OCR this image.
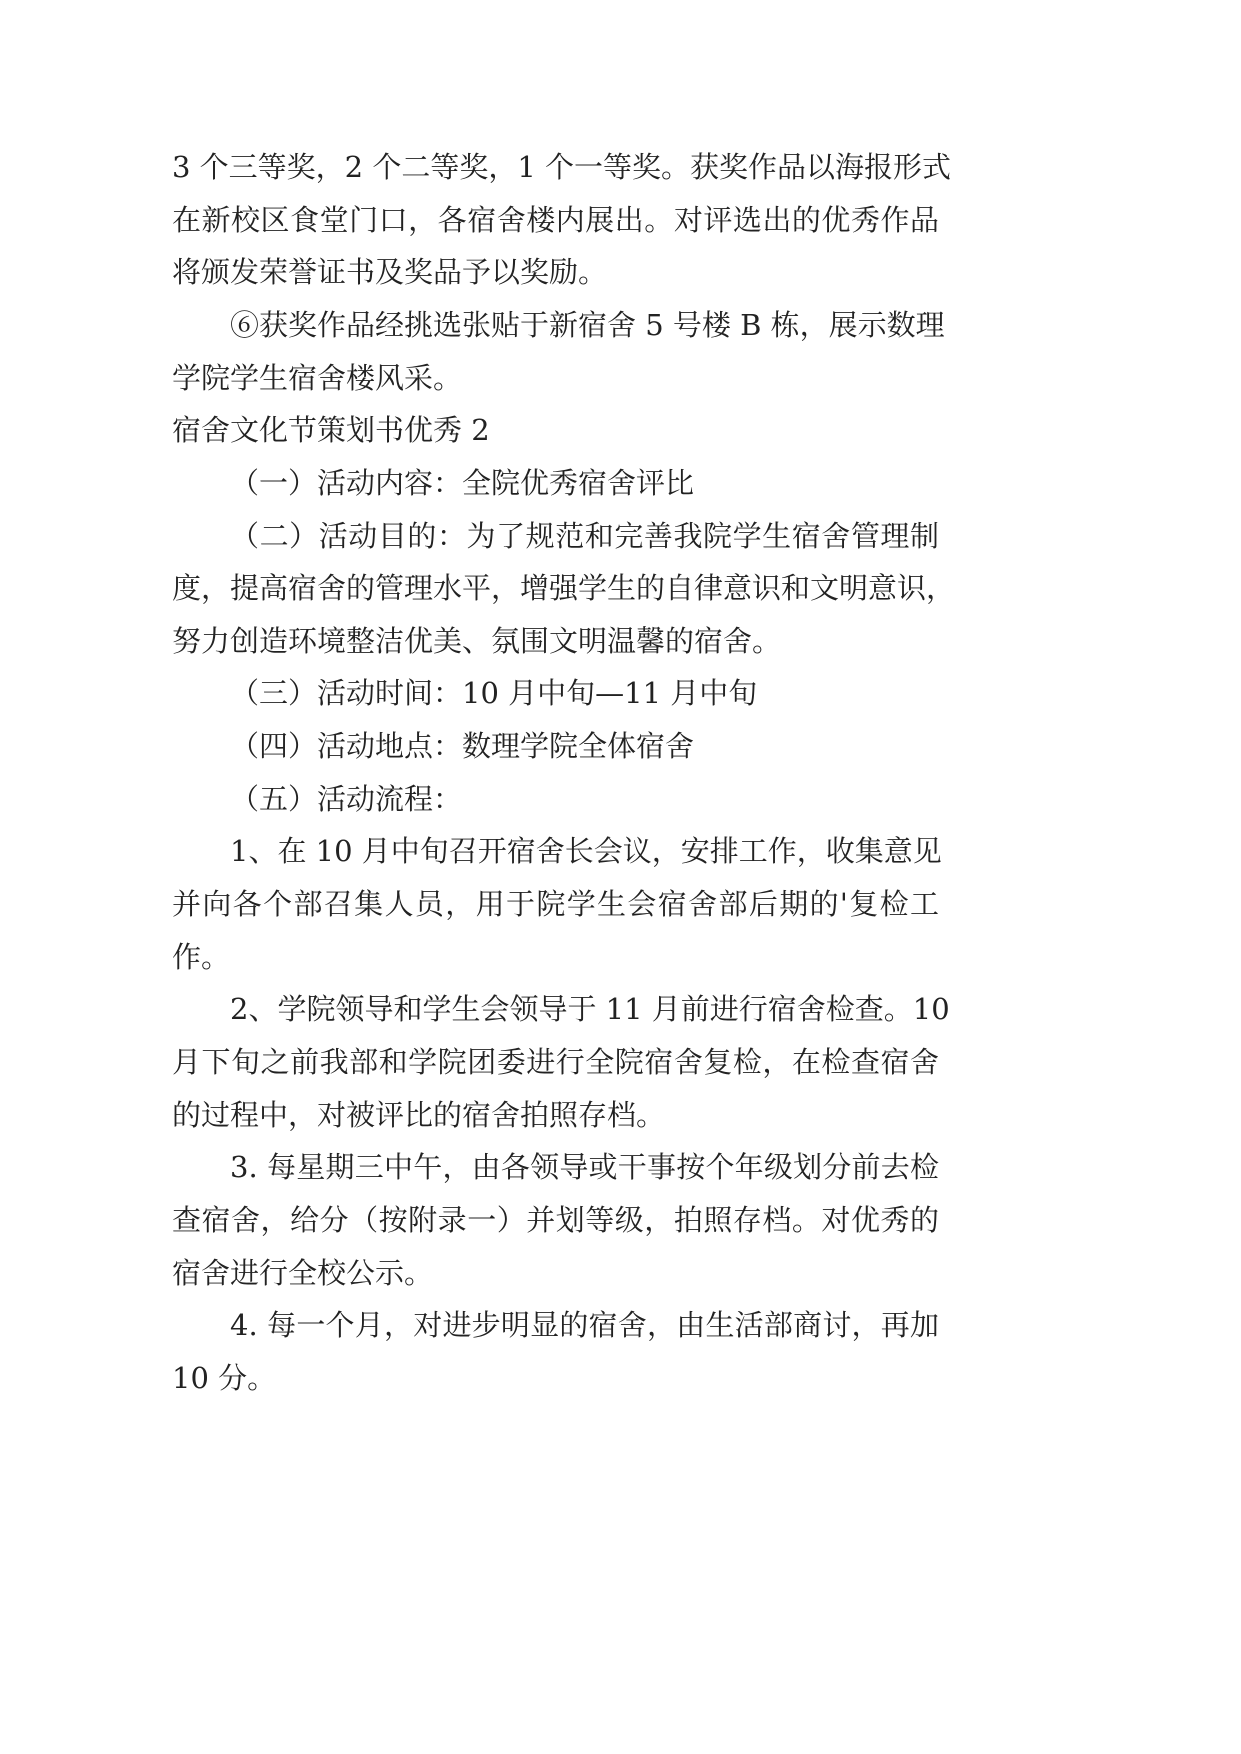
3 个三等奖，2 个二等奖，1 个一等奖。获奖作品以海报形式

在新校区食堂门口，各宿舍楼内展出。对评选出的优秀作品

将颁发荣誉证书及奖品予以奖励。

⑥获奖作品经挑选张贴于新宿舍 5 号楼 B 栋，展示数理

学院学生宿舍楼风采。

宿舍文化节策划书优秀 2

（一）活动内容：全院优秀宿舍评比

（二）活动目的：为了规范和完善我院学生宿舍管理制

度，提高宿舍的管理水平，增强学生的自律意识和文明意识，

努力创造环境整洁优美、氛围文明温馨的宿舍。

（三）活动时间：10 月中旬—11 月中旬

（四）活动地点：数理学院全体宿舍

（五）活动流程：

1、在 10 月中旬召开宿舍长会议，安排工作，收集意见

并向各个部召集人员，用于院学生会宿舍部后期的'复检工

作。

2、学院领导和学生会领导于 11 月前进行宿舍检查。10

月下旬之前我部和学院团委进行全院宿舍复检，在检查宿舍

的过程中，对被评比的宿舍拍照存档。

3. 每星期三中午，由各领导或干事按个年级划分前去检

查宿舍，给分（按附录一）并划等级，拍照存档。对优秀的

宿舍进行全校公示。

4. 每一个月，对进步明显的宿舍，由生活部商讨，再加

10 分。
